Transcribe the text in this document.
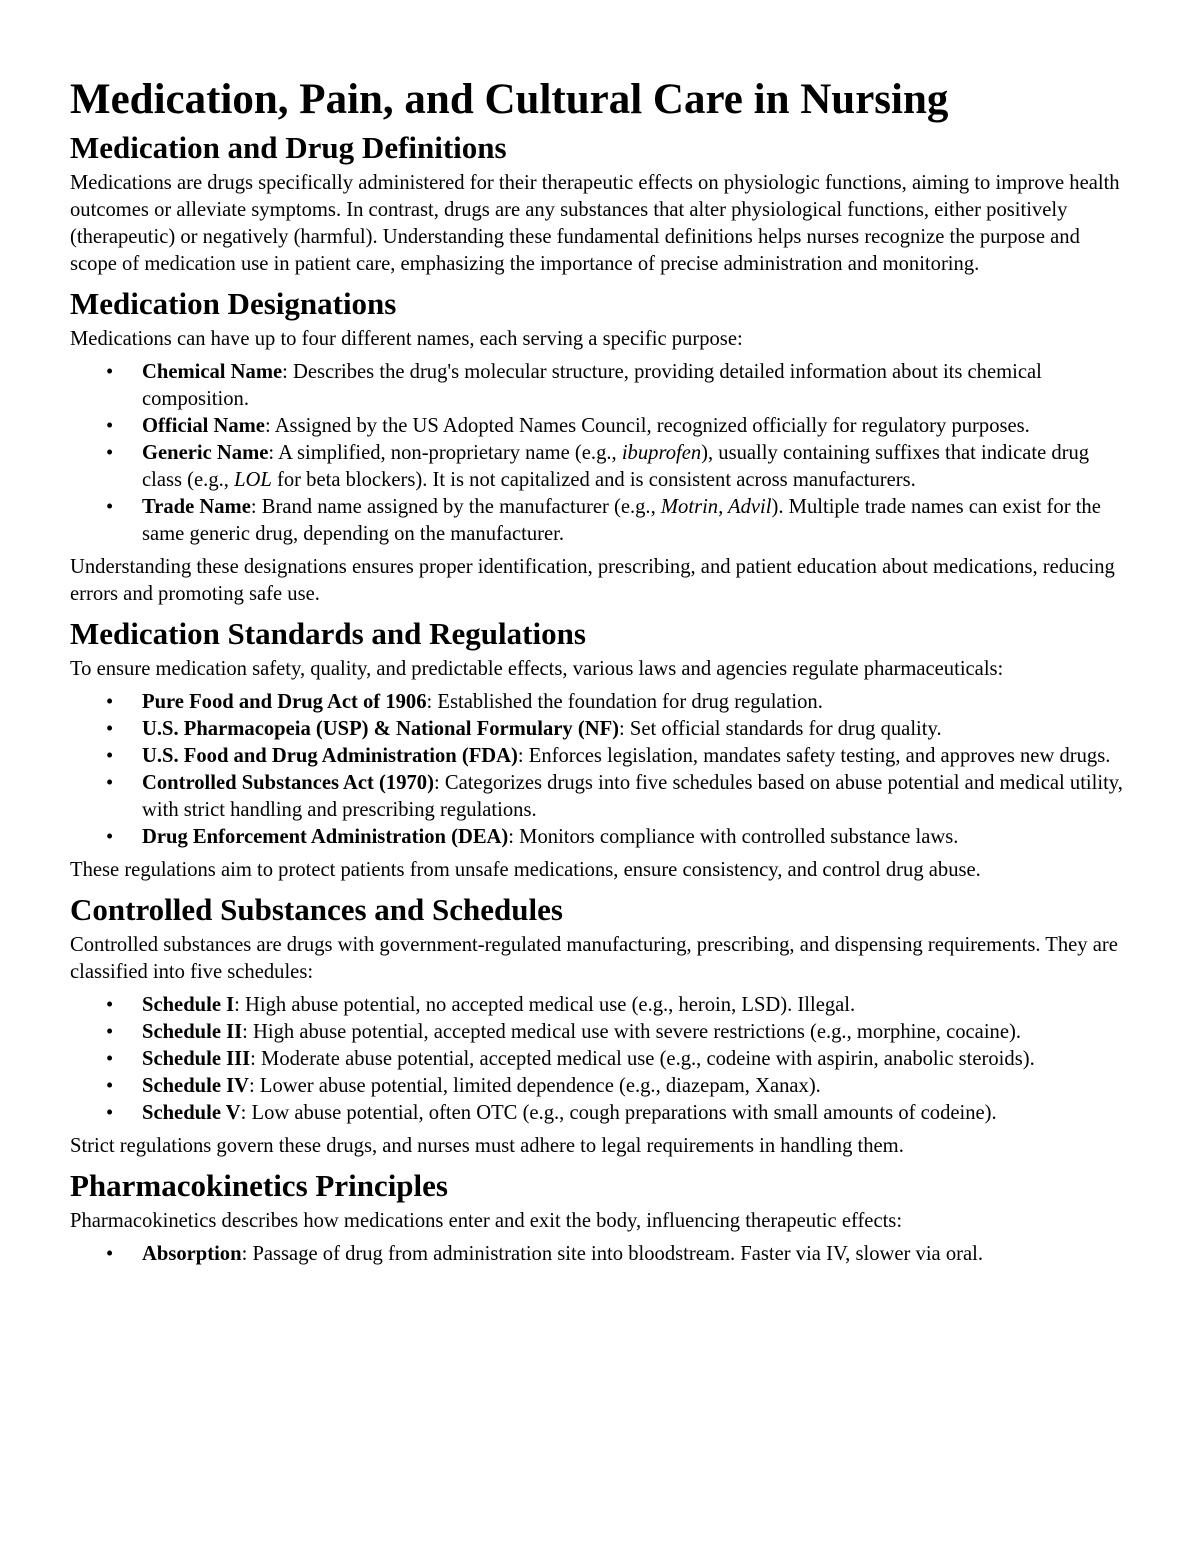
Medication, Pain, and Cultural Care in Nursing
Medication and Drug Definitions

Medications are drugs specifically administered for their therapeutic effects on physiologic functions, aiming to improve health outcomes or alleviate symptoms. In contrast, drugs are any substances that alter physiological functions, either positively (therapeutic) or negatively (harmful). Understanding these fundamental definitions helps nurses recognize the purpose and scope of medication use in patient care, emphasizing the importance of precise administration and monitoring.

Medication Designations

Medications can have up to four different names, each serving a specific purpose:

• Chemical Name: Describes the drug's molecular structure, providing detailed information about its chemical composition.
• Official Name: Assigned by the US Adopted Names Council, recognized officially for regulatory purposes.
• Generic Name: A simplified, non-proprietary name (e.g., ibuprofen), usually containing suffixes that indicate drug class (e.g., LOL for beta blockers). It is not capitalized and is consistent across manufacturers.
• Trade Name: Brand name assigned by the manufacturer (e.g., Motrin, Advil). Multiple trade names can exist for the same generic drug, depending on the manufacturer.

Understanding these designations ensures proper identification, prescribing, and patient education about medications, reducing errors and promoting safe use.

Medication Standards and Regulations

To ensure medication safety, quality, and predictable effects, various laws and agencies regulate pharmaceuticals:

• Pure Food and Drug Act of 1906: Established the foundation for drug regulation.
• U.S. Pharmacopeia (USP) & National Formulary (NF): Set official standards for drug quality.
• U.S. Food and Drug Administration (FDA): Enforces legislation, mandates safety testing, and approves new drugs.
• Controlled Substances Act (1970): Categorizes drugs into five schedules based on abuse potential and medical utility, with strict handling and prescribing regulations.
• Drug Enforcement Administration (DEA): Monitors compliance with controlled substance laws.

These regulations aim to protect patients from unsafe medications, ensure consistency, and control drug abuse.

Controlled Substances and Schedules

Controlled substances are drugs with government-regulated manufacturing, prescribing, and dispensing requirements. They are classified into five schedules:

• Schedule I: High abuse potential, no accepted medical use (e.g., heroin, LSD). Illegal.
• Schedule II: High abuse potential, accepted medical use with severe restrictions (e.g., morphine, cocaine).
• Schedule III: Moderate abuse potential, accepted medical use (e.g., codeine with aspirin, anabolic steroids).
• Schedule IV: Lower abuse potential, limited dependence (e.g., diazepam, Xanax).
• Schedule V: Low abuse potential, often OTC (e.g., cough preparations with small amounts of codeine).

Strict regulations govern these drugs, and nurses must adhere to legal requirements in handling them.

Pharmacokinetics Principles

Pharmacokinetics describes how medications enter and exit the body, influencing therapeutic effects:

• Absorption: Passage of drug from administration site into bloodstream. Faster via IV, slower via oral.
